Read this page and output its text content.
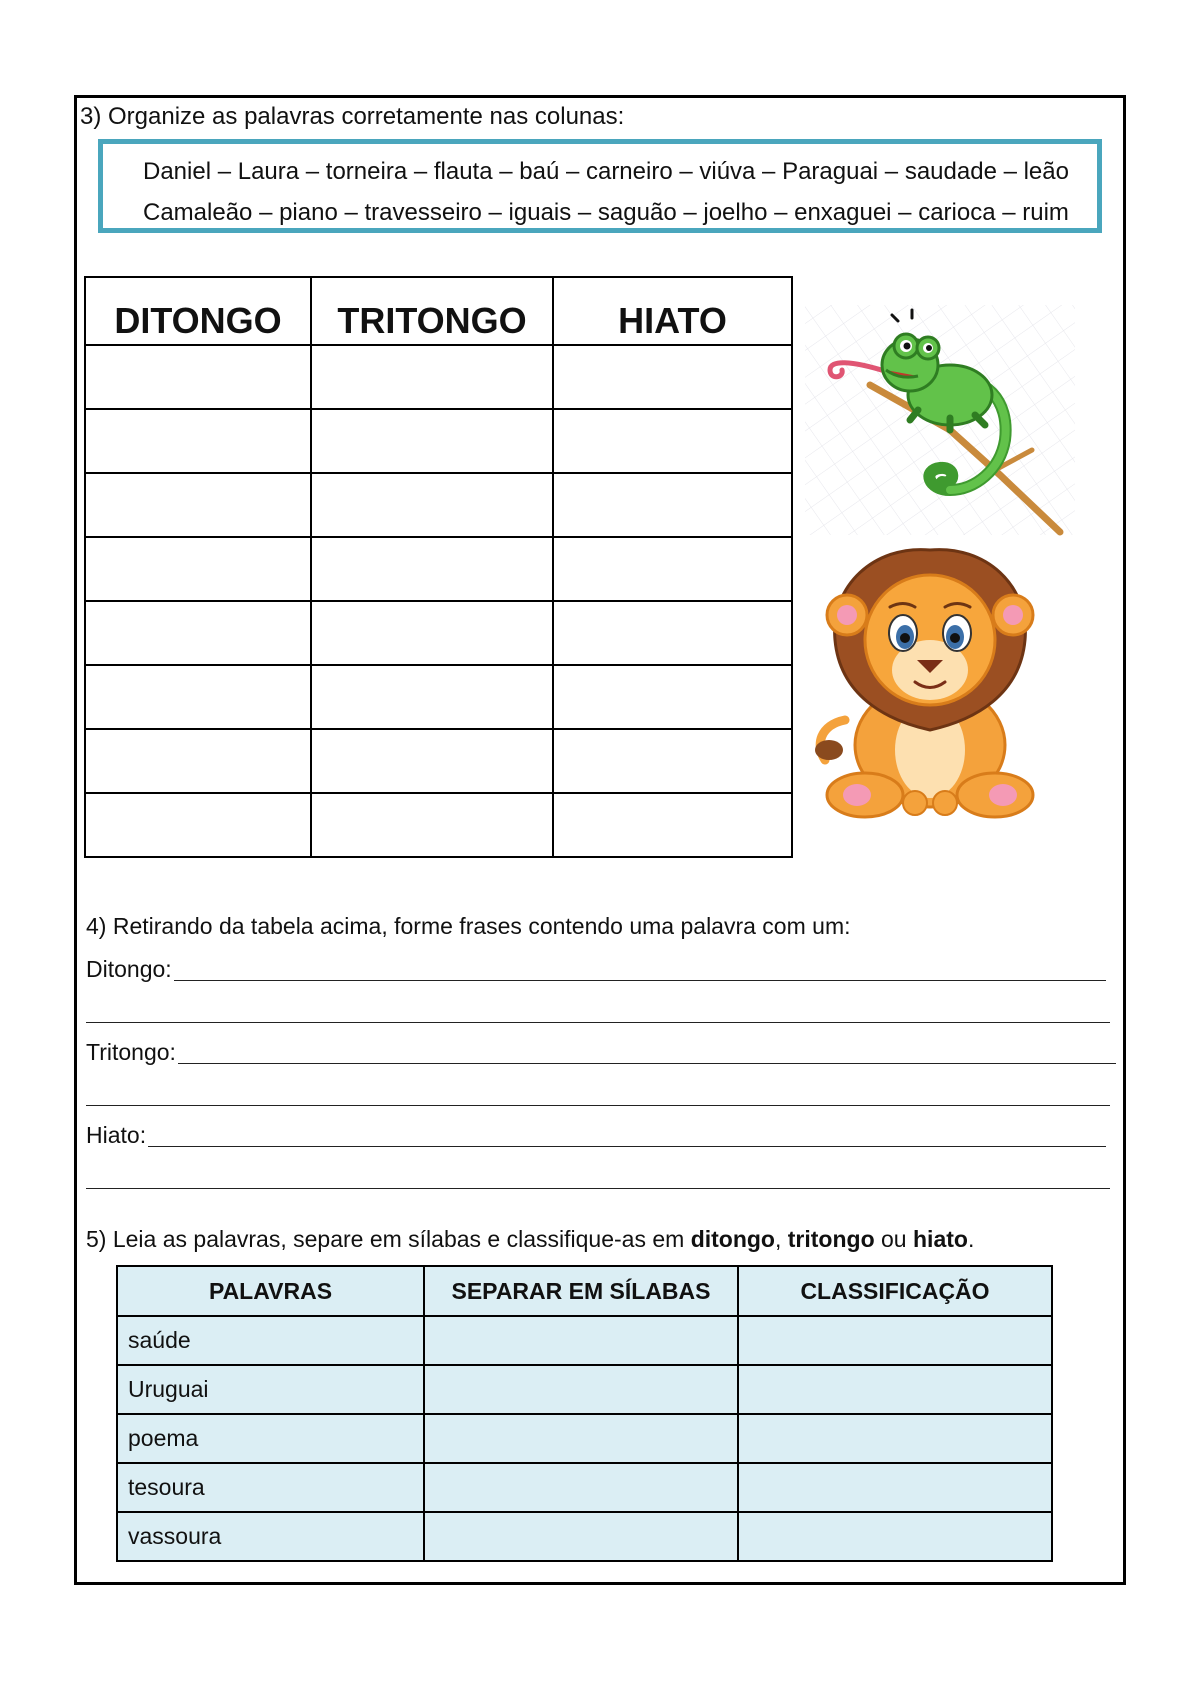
3) Organize as palavras corretamente nas colunas:
Daniel – Laura – torneira – flauta – baú – carneiro – viúva – Paraguai – saudade – leão
Camaleão – piano – travesseiro – iguais – saguão – joelho – enxaguei – carioca – ruim
DITONGO	TRITONGO	HIATO

4) Retirando da tabela acima, forme frases contendo uma palavra com um:
Ditongo:
Tritongo:
Hiato:
5) Leia as palavras, separe em sílabas e classifique-as em ditongo, tritongo ou hiato.
PALAVRAS	SEPARAR EM SÍLABAS	CLASSIFICAÇÃO
saúde		
Uruguai		
poema		
tesoura		
vassoura		
